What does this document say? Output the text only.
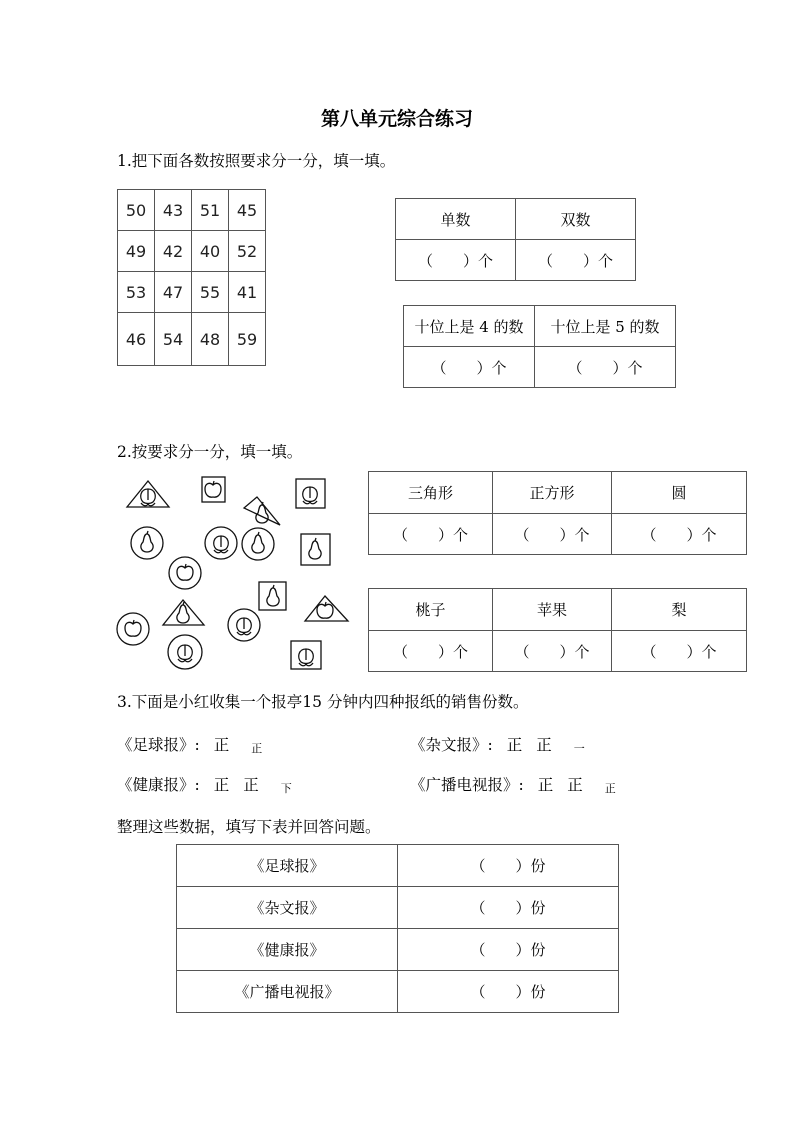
第八单元综合练习
1.把下面各数按照要求分一分，填一填。
50	43	51	45
49	42	40	52
53	47	55	41
46	54	48	59
单数	双数
（　　）个	（　　）个
十位上是 4 的数	十位上是 5 的数
（　　）个	（　　）个
2.按要求分一分，填一填。
三角形	正方形	圆
（　　）个	（　　）个	（　　）个
桃子	苹果	梨
（　　）个	（　　）个	（　　）个
3.下面是小红收集一个报亭15 分钟内四种报纸的销售份数。
《足球报》: 正 正	《杂文报》: 正 正 一
《健康报》: 正 正 下	《广播电视报》: 正 正 正
整理这些数据，填写下表并回答问题。
《足球报》	（　　）份
《杂文报》	（　　）份
《健康报》	（　　）份
《广播电视报》	（　　）份
